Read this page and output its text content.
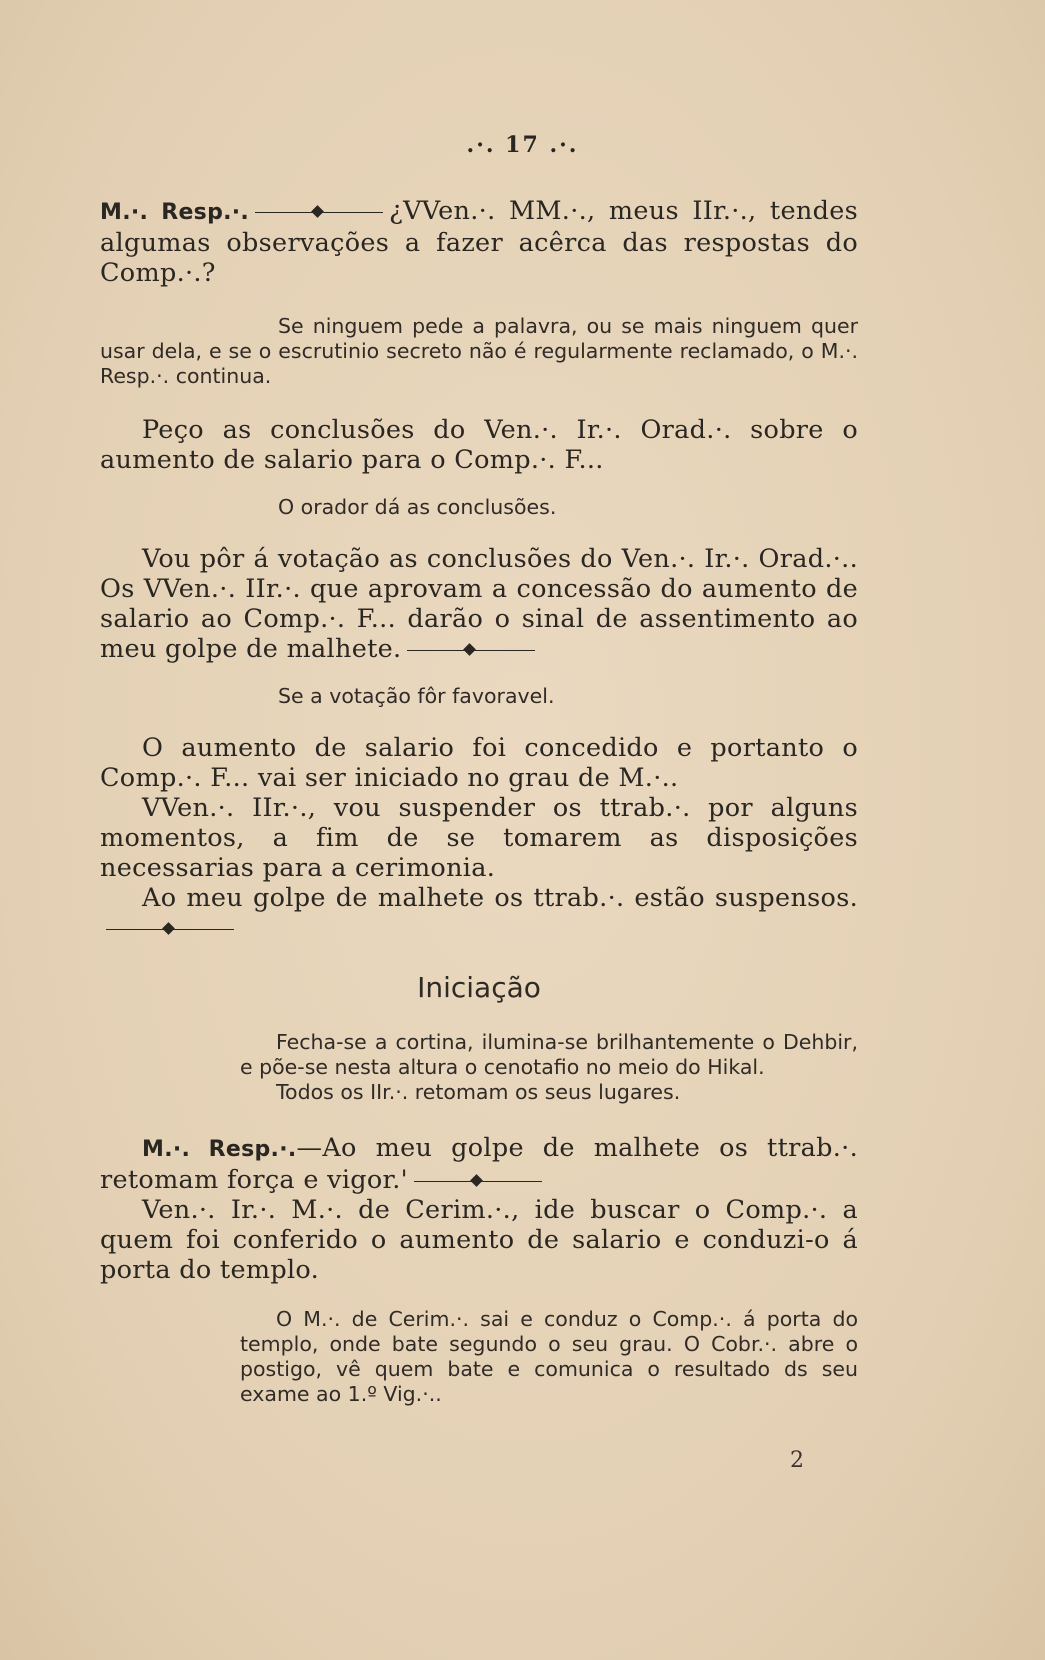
.·. 17 .·.
M.·. Resp.·.	¿VVen.·. MM.·., meus IIr.·., tendes algumas observações a fazer acêrca das respostas do Comp.·.?
Se ninguem pede a palavra, ou se mais ninguem quer usar dela, e se o escrutinio secreto não é regularmente reclamado, o M.·. Resp.·. continua.
Peço as conclusões do Ven.·. Ir.·. Orad.·. sobre o aumento de salario para o Comp.·. F...
O orador dá as conclusões.
Vou pôr á votação as conclusões do Ven.·. Ir.·. Orad.·.. Os VVen.·. IIr.·. que aprovam a concessão do aumento de salario ao Comp.·. F... darão o sinal de assentimento ao meu golpe de malhete.
Se a votação fôr favoravel.
O aumento de salario foi concedido e portanto o Comp.·. F... vai ser iniciado no grau de M.·..
VVen.·. IIr.·., vou suspender os ttrab.·. por alguns momentos, a fim de se tomarem as disposições necessarias para a cerimonia.
Ao meu golpe de malhete os ttrab.·. estão suspensos.
Iniciação
Fecha-se a cortina, ilumina-se brilhantemente o Dehbir, e põe-se nesta altura o cenotafio no meio do Hikal.
Todos os IIr.·. retomam os seus lugares.
M.·. Resp.·.—Ao meu golpe de malhete os ttrab.·. retomam força e vigor.'
Ven.·. Ir.·. M.·. de Cerim.·., ide buscar o Comp.·. a quem foi conferido o aumento de salario e conduzi-o á porta do templo.
O M.·. de Cerim.·. sai e conduz o Comp.·. á porta do templo, onde bate segundo o seu grau. O Cobr.·. abre o postigo, vê quem bate e comunica o resultado ds seu exame ao 1.º Vig.·..
2
